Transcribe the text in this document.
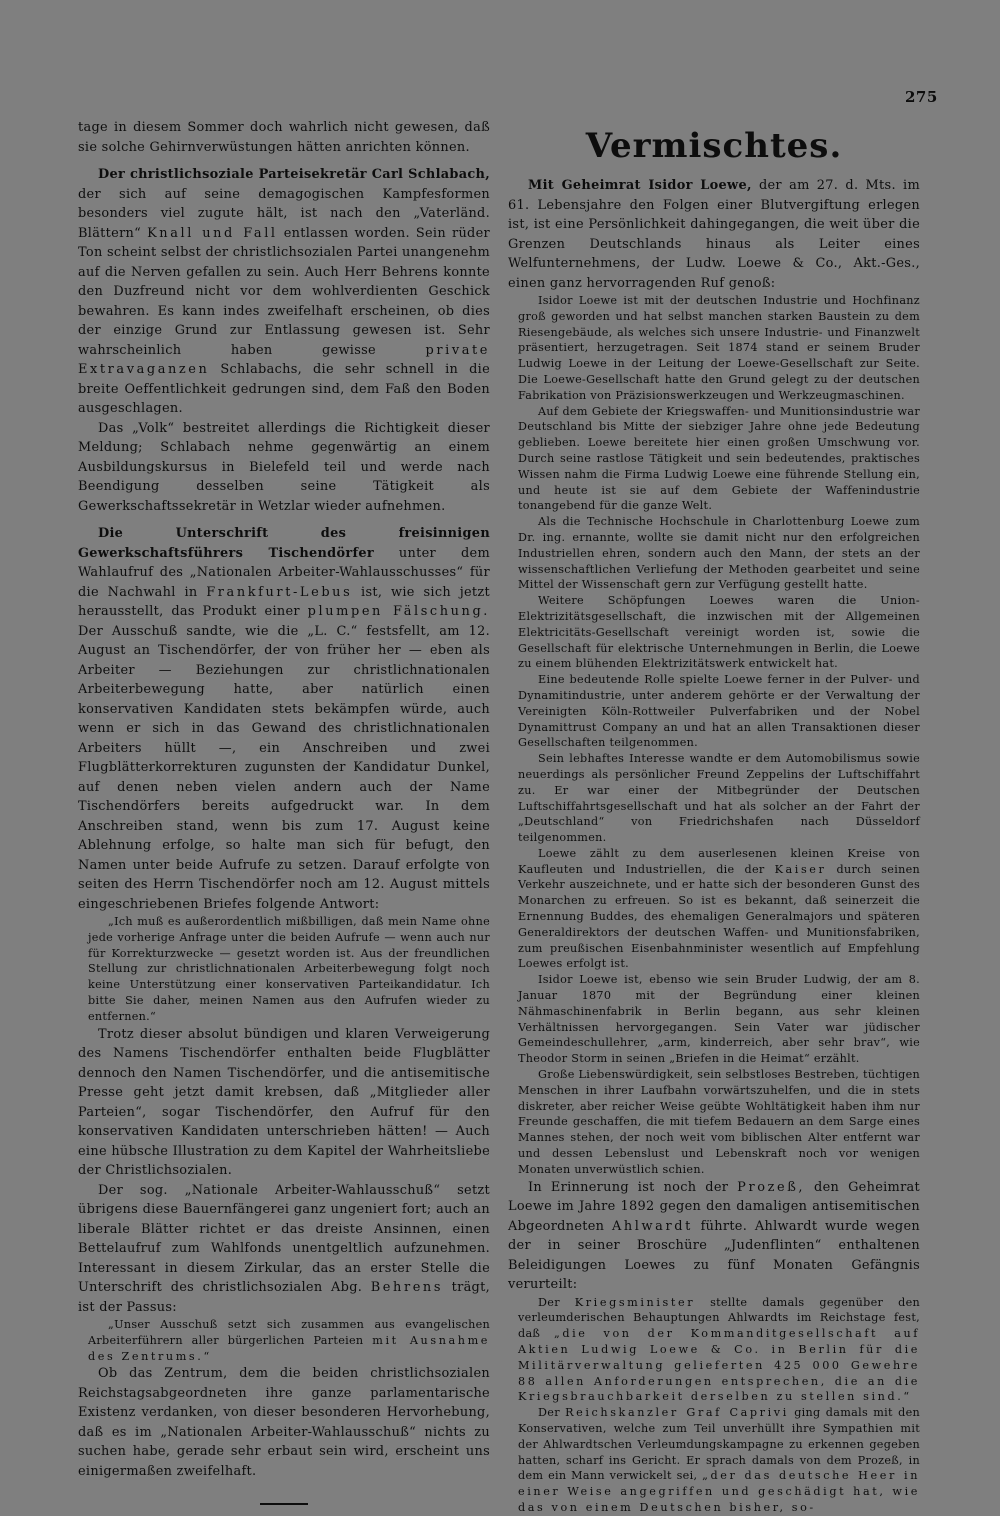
275

tage in diesem Sommer doch wahrlich nicht gewesen, daß sie solche Gehirnverwüstungen hätten anrichten können.

Der christlichsoziale Parteisekretär Carl Schlabach, der sich auf seine demagogischen Kampfesformen besonders viel zugute hält, ist nach den „Vaterländ. Blättern“ Knall und Fall entlassen worden. Sein rüder Ton scheint selbst der christlichsozialen Partei unangenehm auf die Nerven gefallen zu sein. Auch Herr Behrens konnte den Duzfreund nicht vor dem wohlverdienten Geschick bewahren. Es kann indes zweifelhaft erscheinen, ob dies der einzige Grund zur Entlassung gewesen ist. Sehr wahrscheinlich haben gewisse private Extravaganzen Schlabachs, die sehr schnell in die breite Oeffentlichkeit gedrungen sind, dem Faß den Boden ausgeschlagen.

Das „Volk“ bestreitet allerdings die Richtigkeit dieser Meldung; Schlabach nehme gegenwärtig an einem Ausbildungskursus in Bielefeld teil und werde nach Beendigung desselben seine Tätigkeit als Gewerkschaftssekretär in Wetzlar wieder aufnehmen.

Die Unterschrift des freisinnigen Gewerkschaftsführers Tischendörfer unter dem Wahlaufruf des „Nationalen Arbeiter-Wahlausschusses“ für die Nachwahl in Frankfurt-Lebus ist, wie sich jetzt herausstellt, das Produkt einer plumpen Fälschung. Der Ausschuß sandte, wie die „L. C.“ festsfellt, am 12. August an Tischendörfer, der von früher her — eben als Arbeiter — Beziehungen zur christlichnationalen Arbeiterbewegung hatte, aber natürlich einen konservativen Kandidaten stets bekämpfen würde, auch wenn er sich in das Gewand des christlichnationalen Arbeiters hüllt —, ein Anschreiben und zwei Flugblätterkorrekturen zugunsten der Kandidatur Dunkel, auf denen neben vielen andern auch der Name Tischendörfers bereits aufgedruckt war. In dem Anschreiben stand, wenn bis zum 17. August keine Ablehnung erfolge, so halte man sich für befugt, den Namen unter beide Aufrufe zu setzen. Darauf erfolgte von seiten des Herrn Tischendörfer noch am 12. August mittels eingeschriebenen Briefes folgende Antwort:

„Ich muß es außerordentlich mißbilligen, daß mein Name ohne jede vorherige Anfrage unter die beiden Aufrufe — wenn auch nur für Korrekturzwecke — gesetzt worden ist. Aus der freundlichen Stellung zur christlichnationalen Arbeiterbewegung folgt noch keine Unterstützung einer konservativen Parteikandidatur. Ich bitte Sie daher, meinen Namen aus den Aufrufen wieder zu entfernen.“

Trotz dieser absolut bündigen und klaren Verweigerung des Namens Tischendörfer enthalten beide Flugblätter dennoch den Namen Tischendörfer, und die antisemitische Presse geht jetzt damit krebsen, daß „Mitglieder aller Parteien“, sogar Tischendörfer, den Aufruf für den konservativen Kandidaten unterschrieben hätten! — Auch eine hübsche Illustration zu dem Kapitel der Wahrheitsliebe der Christlichsozialen.

Der sog. „Nationale Arbeiter-Wahlausschuß“ setzt übrigens diese Bauernfängerei ganz ungeniert fort; auch an liberale Blätter richtet er das dreiste Ansinnen, einen Bettelaufruf zum Wahlfonds unentgeltlich aufzunehmen. Interessant in diesem Zirkular, das an erster Stelle die Unterschrift des christlichsozialen Abg. Behrens trägt, ist der Passus:

„Unser Ausschuß setzt sich zusammen aus evangelischen Arbeiterführern aller bürgerlichen Parteien mit Ausnahme des Zentrums.“

Ob das Zentrum, dem die beiden christlichsozialen Reichstagsabgeordneten ihre ganze parlamentarische Existenz verdanken, von dieser besonderen Hervorhebung, daß es im „Nationalen Arbeiter-Wahlausschuß“ nichts zu suchen habe, gerade sehr erbaut sein wird, erscheint uns einigermaßen zweifelhaft.

Vermischtes.

Mit Geheimrat Isidor Loewe, der am 27. d. Mts. im 61. Lebensjahre den Folgen einer Blutvergiftung erlegen ist, ist eine Persönlichkeit dahingegangen, die weit über die Grenzen Deutschlands hinaus als Leiter eines Welfunternehmens, der Ludw. Loewe & Co., Akt.-Ges., einen ganz hervorragenden Ruf genoß:

Isidor Loewe ist mit der deutschen Industrie und Hochfinanz groß geworden und hat selbst manchen starken Baustein zu dem Riesengebäude, als welches sich unsere Industrie- und Finanzwelt präsentiert, herzugetragen. Seit 1874 stand er seinem Bruder Ludwig Loewe in der Leitung der Loewe-Gesellschaft zur Seite. Die Loewe-Gesellschaft hatte den Grund gelegt zu der deutschen Fabrikation von Präzisionswerkzeugen und Werkzeugmaschinen.

Auf dem Gebiete der Kriegswaffen- und Munitionsindustrie war Deutschland bis Mitte der siebziger Jahre ohne jede Bedeutung geblieben. Loewe bereitete hier einen großen Umschwung vor. Durch seine rastlose Tätigkeit und sein bedeutendes, praktisches Wissen nahm die Firma Ludwig Loewe eine führende Stellung ein, und heute ist sie auf dem Gebiete der Waffenindustrie tonangebend für die ganze Welt.

Als die Technische Hochschule in Charlottenburg Loewe zum Dr. ing. ernannte, wollte sie damit nicht nur den erfolgreichen Industriellen ehren, sondern auch den Mann, der stets an der wissenschaftlichen Verliefung der Methoden gearbeitet und seine Mittel der Wissenschaft gern zur Verfügung gestellt hatte.

Weitere Schöpfungen Loewes waren die Union-Elektrizitätsgesellschaft, die inzwischen mit der Allgemeinen Elektricitäts-Gesellschaft vereinigt worden ist, sowie die Gesellschaft für elektrische Unternehmungen in Berlin, die Loewe zu einem blühenden Elektrizitätswerk entwickelt hat.

Eine bedeutende Rolle spielte Loewe ferner in der Pulver- und Dynamitindustrie, unter anderem gehörte er der Verwaltung der Vereinigten Köln-Rottweiler Pulverfabriken und der Nobel Dynamittrust Company an und hat an allen Transaktionen dieser Gesellschaften teilgenommen.

Sein lebhaftes Interesse wandte er dem Automobilismus sowie neuerdings als persönlicher Freund Zeppelins der Luftschiffahrt zu. Er war einer der Mitbegründer der Deutschen Luftschiffahrtsgesellschaft und hat als solcher an der Fahrt der „Deutschland“ von Friedrichshafen nach Düsseldorf teilgenommen.

Loewe zählt zu dem auserlesenen kleinen Kreise von Kaufleuten und Industriellen, die der Kaiser durch seinen Verkehr auszeichnete, und er hatte sich der besonderen Gunst des Monarchen zu erfreuen. So ist es bekannt, daß seinerzeit die Ernennung Buddes, des ehemaligen Generalmajors und späteren Generaldirektors der deutschen Waffen- und Munitionsfabriken, zum preußischen Eisenbahnminister wesentlich auf Empfehlung Loewes erfolgt ist.

Isidor Loewe ist, ebenso wie sein Bruder Ludwig, der am 8. Januar 1870 mit der Begründung einer kleinen Nähmaschinenfabrik in Berlin begann, aus sehr kleinen Verhältnissen hervorgegangen. Sein Vater war jüdischer Gemeindeschullehrer, „arm, kinderreich, aber sehr brav“, wie Theodor Storm in seinen „Briefen in die Heimat“ erzählt.

Große Liebenswürdigkeit, sein selbstloses Bestreben, tüchtigen Menschen in ihrer Laufbahn vorwärtszuhelfen, und die in stets diskreter, aber reicher Weise geübte Wohltätigkeit haben ihm nur Freunde geschaffen, die mit tiefem Bedauern an dem Sarge eines Mannes stehen, der noch weit vom biblischen Alter entfernt war und dessen Lebenslust und Lebenskraft noch vor wenigen Monaten unverwüstlich schien.

In Erinnerung ist noch der Prozeß, den Geheimrat Loewe im Jahre 1892 gegen den damaligen antisemitischen Abgeordneten Ahlwardt führte. Ahlwardt wurde wegen der in seiner Broschüre „Judenflinten“ enthaltenen Beleidigungen Loewes zu fünf Monaten Gefängnis verurteilt:

Der Kriegsminister stellte damals gegenüber den verleumderischen Behauptungen Ahlwardts im Reichstage fest, daß „die von der Kommanditgesellschaft auf Aktien Ludwig Loewe & Co. in Berlin für die Militärverwaltung gelieferten 425 000 Gewehre 88 allen Anforderungen entsprechen, die an die Kriegsbrauchbarkeit derselben zu stellen sind.“

Der Reichskanzler Graf Caprivi ging damals mit den Konservativen, welche zum Teil unverhüllt ihre Sympathien mit der Ahlwardtschen Verleumdungskampagne zu erkennen gegeben hatten, scharf ins Gericht. Er sprach damals von dem Prozeß, in dem ein Mann verwickelt sei, „der das deutsche Heer in einer Weise angegriffen und geschädigt hat, wie das von einem Deutschen bisher, so-
